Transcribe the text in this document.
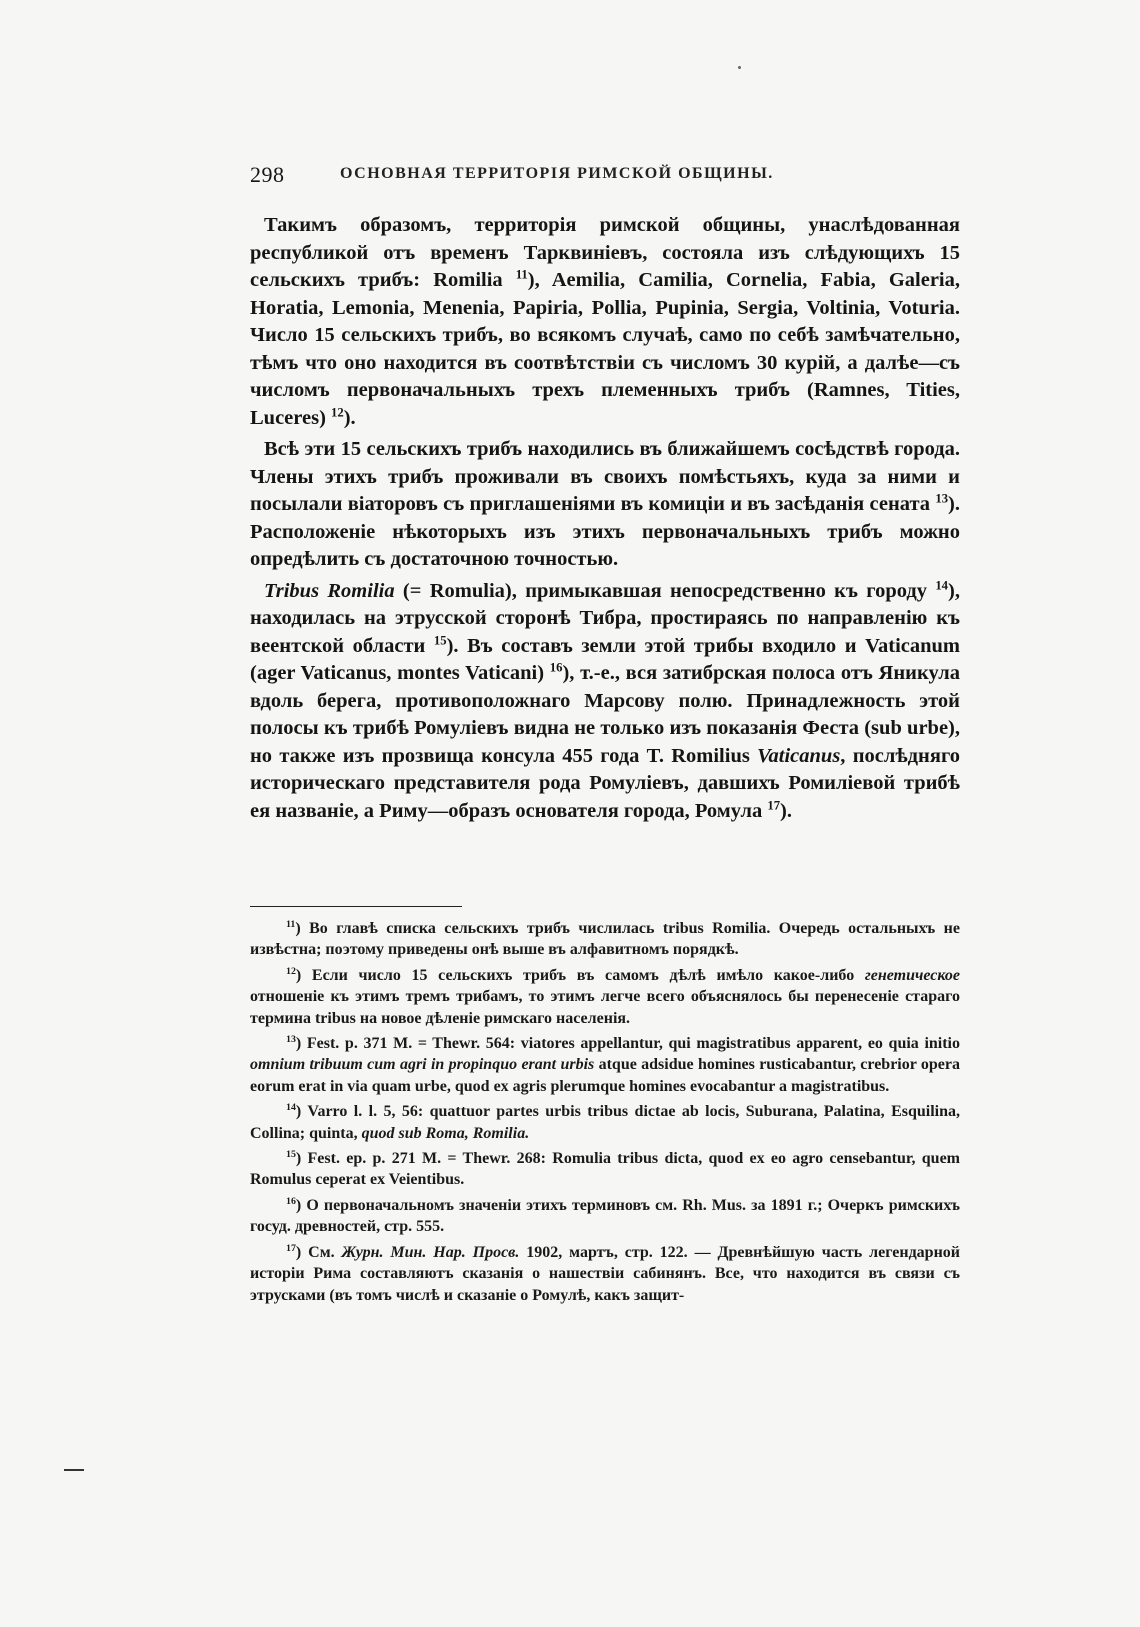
298	ОСНОВНАЯ ТЕРРИТОРІЯ РИМСКОЙ ОБЩИНЫ.

Такимъ образомъ, территорія римской общины, унаслѣдованная республикой отъ временъ Тарквиніевъ, состояла изъ слѣдующихъ 15 сельскихъ трибъ: Romilia $^{11}$), Aemilia, Camilia, Cornelia, Fabia, Galeria, Horatia, Lemonia, Menenia, Papiria, Pollia, Pupinia, Sergia, Voltinia, Voturia. Число 15 сельскихъ трибъ, во всякомъ случаѣ, само по себѣ замѣчательно, тѣмъ что оно находится въ соотвѣтствіи съ числомъ 30 курій, а далѣе—съ числомъ первоначальныхъ трехъ племенныхъ трибъ (Ramnes, Tities, Luceres) $^{12}$).

Всѣ эти 15 сельскихъ трибъ находились въ ближайшемъ сосѣдствѣ города. Члены этихъ трибъ проживали въ своихъ помѣстьяхъ, куда за ними и посылали віаторовъ съ приглашеніями въ комиціи и въ засѣданія сената $^{13}$). Расположеніе нѣкоторыхъ изъ этихъ первоначальныхъ трибъ можно опредѣлить съ достаточною точностью.

Tribus Romilia (= Romulia), примыкавшая непосредственно къ городу $^{14}$), находилась на этрусской сторонѣ Тибра, простираясь по направленію къ веентской области $^{15}$). Въ составъ земли этой трибы входило и Vaticanum (ager Vaticanus, montes Vaticani) $^{16}$), т.-е., вся затибрская полоса отъ Яникула вдоль берега, противоположнаго Марсову полю. Принадлежность этой полосы къ трибѣ Ромуліевъ видна не только изъ показанія Феста (sub urbe), но также изъ прозвища консула 455 года T. Romilius Vaticanus, послѣдняго историческаго представителя рода Ромуліевъ, давшихъ Ромиліевой трибѣ ея названіе, а Риму—образъ основателя города, Ромула $^{17}$).

$^{11}$) Во главѣ списка сельскихъ трибъ числилась tribus Romilia. Очередь остальныхъ не извѣстна; поэтому приведены онѣ выше въ алфавитномъ порядкѣ.

$^{12}$) Если число 15 сельскихъ трибъ въ самомъ дѣлѣ имѣло какое-либо генетическое отношеніе къ этимъ тремъ трибамъ, то этимъ легче всего объяснялось бы перенесеніе стараго термина tribus на новое дѣленіе римскаго населенія.

$^{13}$) Fest. p. 371 M. = Thewr. 564: viatores appellantur, qui magistratibus apparent, eo quia initio omnium tribuum cum agri in propinquo erant urbis atque adsidue homines rusticabantur, crebrior opera eorum erat in via quam urbe, quod ex agris plerumque homines evocabantur a magistratibus.

$^{14}$) Varro l. l. 5, 56: quattuor partes urbis tribus dictae ab locis, Suburana, Palatina, Esquilina, Collina; quinta, quod sub Roma, Romilia.

$^{15}$) Fest. ep. p. 271 M. = Thewr. 268: Romulia tribus dicta, quod ex eo agro censebantur, quem Romulus ceperat ex Veientibus.

$^{16}$) О первоначальномъ значеніи этихъ терминовъ см. Rh. Mus. за 1891 г.; Очеркъ римскихъ госуд. древностей, стр. 555.

$^{17}$) См. Журн. Мин. Нар. Просв. 1902, мартъ, стр. 122. — Древнѣйшую часть легендарной исторіи Рима составляютъ сказанія о нашествіи сабинянъ. Все, что находится въ связи съ этрусками (въ томъ числѣ и сказаніе о Ромулѣ, какъ защит-
